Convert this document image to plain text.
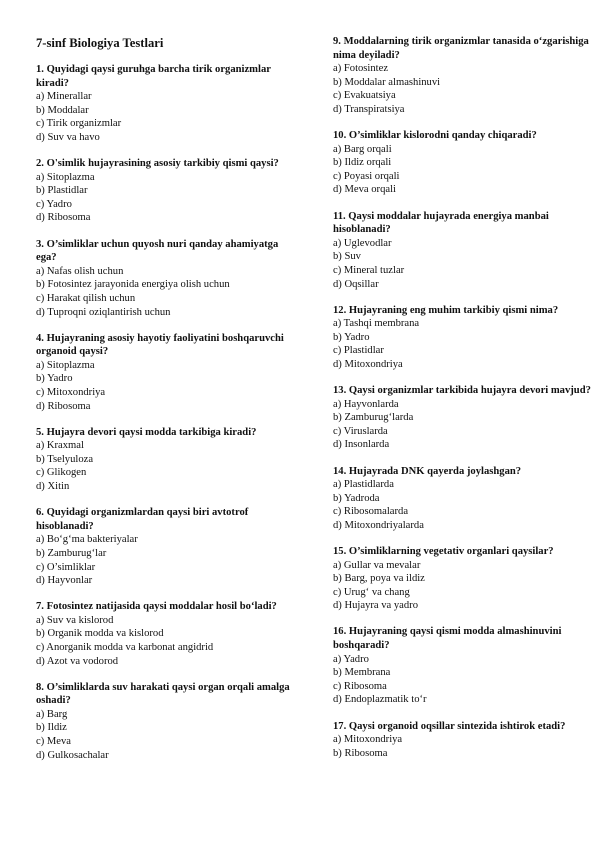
7-sinf Biologiya Testlari
1. Quyidagi qaysi guruhga barcha tirik organizmlar kiradi?
a) Minerallar
b) Moddalar
c) Tirik organizmlar
d) Suv va havo
2. O'simlik hujayrasining asosiy tarkibiy qismi qaysi?
a) Sitoplazma
b) Plastidlar
c) Yadro
d) Ribosoma
3. O’simliklar uchun quyosh nuri qanday ahamiyatga ega?
a) Nafas olish uchun
b) Fotosintez jarayonida energiya olish uchun
c) Harakat qilish uchun
d) Tuproqni oziqlantirish uchun
4. Hujayraning asosiy hayotiy faoliyatini boshqaruvchi organoid qaysi?
a) Sitoplazma
b) Yadro
c) Mitoxondriya
d) Ribosoma
5. Hujayra devori qaysi modda tarkibiga kiradi?
a) Kraxmal
b) Tselyuloza
c) Glikogen
d) Xitin
6. Quyidagi organizmlardan qaysi biri avtotrof hisoblanadi?
a) Bo‘g‘ma bakteriyalar
b) Zamburug‘lar
c) O’simliklar
d) Hayvonlar
7. Fotosintez natijasida qaysi moddalar hosil bo‘ladi?
a) Suv va kislorod
b) Organik modda va kislorod
c) Anorganik modda va karbonat angidrid
d) Azot va vodorod
8. O’simliklarda suv harakati qaysi organ orqali amalga oshadi?
a) Barg
b) Ildiz
c) Meva
d) Gulkosachalar
9. Moddalarning tirik organizmlar tanasida o‘zgarishiga nima deyiladi?
a) Fotosintez
b) Moddalar almashinuvi
c) Evakuatsiya
d) Transpiratsiya
10. O’simliklar kislorodni qanday chiqaradi?
a) Barg orqali
b) Ildiz orqali
c) Poyasi orqali
d) Meva orqali
11. Qaysi moddalar hujayrada energiya manbai hisoblanadi?
a) Uglevodlar
b) Suv
c) Mineral tuzlar
d) Oqsillar
12. Hujayraning eng muhim tarkibiy qismi nima?
a) Tashqi membrana
b) Yadro
c) Plastidlar
d) Mitoxondriya
13. Qaysi organizmlar tarkibida hujayra devori mavjud?
a) Hayvonlarda
b) Zamburug‘larda
c) Viruslarda
d) Insonlarda
14. Hujayrada DNK qayerda joylashgan?
a) Plastidlarda
b) Yadroda
c) Ribosomalarda
d) Mitoxondriyalarda
15. O’simliklarning vegetativ organlari qaysilar?
a) Gullar va mevalar
b) Barg, poya va ildiz
c) Urug‘ va chang
d) Hujayra va yadro
16. Hujayraning qaysi qismi modda almashinuvini boshqaradi?
a) Yadro
b) Membrana
c) Ribosoma
d) Endoplazmatik to‘r
17. Qaysi organoid oqsillar sintezida ishtirok etadi?
a) Mitoxondriya
b) Ribosoma
